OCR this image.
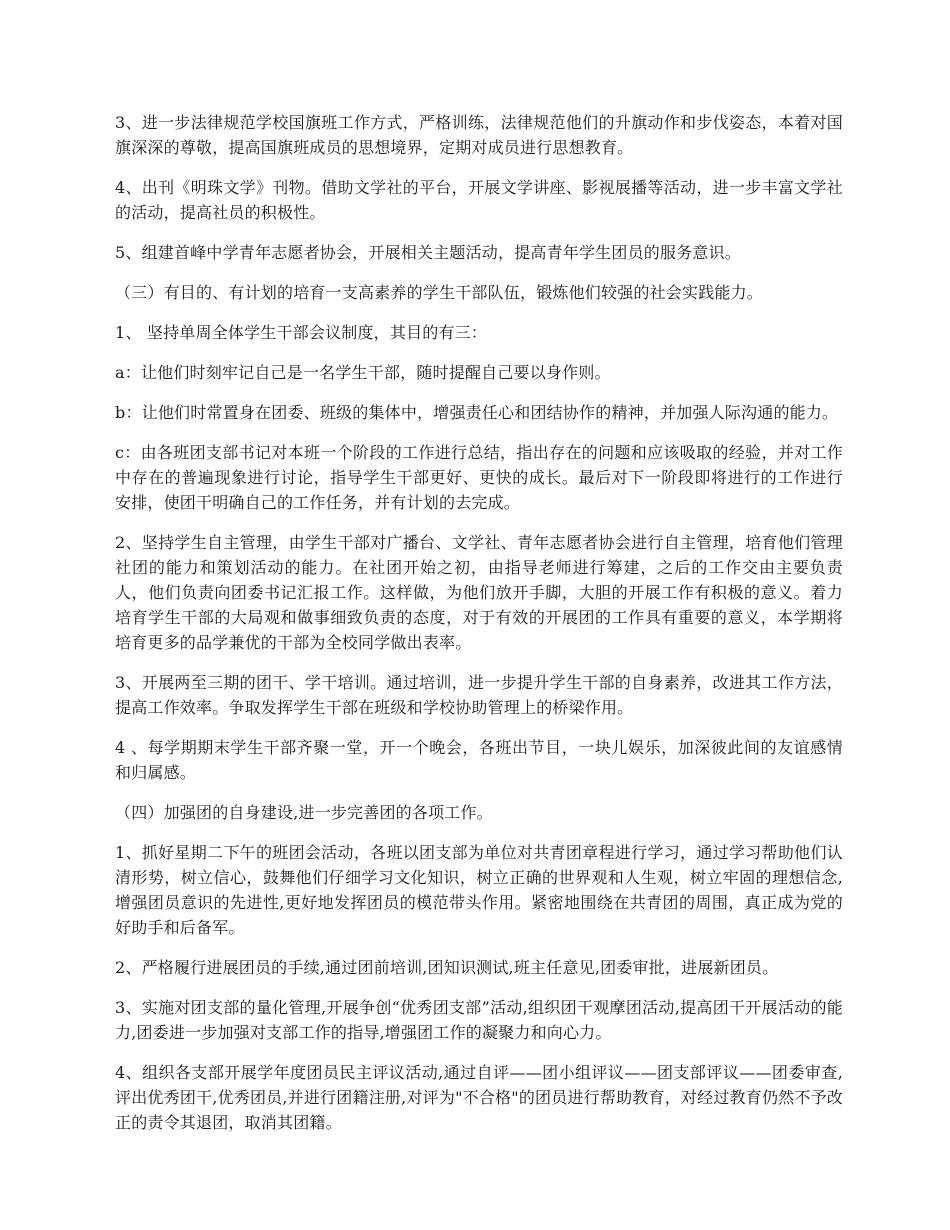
3、进一步法律规范学校国旗班工作方式，严格训练，法律规范他们的升旗动作和步伐姿态，本着对国旗深深的尊敬，提高国旗班成员的思想境界，定期对成员进行思想教育。

4、出刊《明珠文学》刊物。借助文学社的平台，开展文学讲座、影视展播等活动，进一步丰富文学社的活动，提高社员的积极性。

5、组建首峰中学青年志愿者协会，开展相关主题活动，提高青年学生团员的服务意识。

（三）有目的、有计划的培育一支高素养的学生干部队伍，锻炼他们较强的社会实践能力。

1、 坚持单周全体学生干部会议制度，其目的有三：

a：让他们时刻牢记自己是一名学生干部，随时提醒自己要以身作则。

b：让他们时常置身在团委、班级的集体中，增强责任心和团结协作的精神，并加强人际沟通的能力。

c：由各班团支部书记对本班一个阶段的工作进行总结，指出存在的问题和应该吸取的经验，并对工作中存在的普遍现象进行讨论，指导学生干部更好、更快的成长。最后对下一阶段即将进行的工作进行安排，使团干明确自己的工作任务，并有计划的去完成。

2、坚持学生自主管理，由学生干部对广播台、文学社、青年志愿者协会进行自主管理，培育他们管理社团的能力和策划活动的能力。在社团开始之初，由指导老师进行筹建，之后的工作交由主要负责人，他们负责向团委书记汇报工作。这样做，为他们放开手脚，大胆的开展工作有积极的意义。着力培育学生干部的大局观和做事细致负责的态度，对于有效的开展团的工作具有重要的意义，本学期将培育更多的品学兼优的干部为全校同学做出表率。

3、开展两至三期的团干、学干培训。通过培训，进一步提升学生干部的自身素养，改进其工作方法，提高工作效率。争取发挥学生干部在班级和学校协助管理上的桥梁作用。

4 、每学期期末学生干部齐聚一堂，开一个晚会，各班出节目，一块儿娱乐，加深彼此间的友谊感情和归属感。

（四）加强团的自身建设,进一步完善团的各项工作。

1、抓好星期二下午的班团会活动，各班以团支部为单位对共青团章程进行学习，通过学习帮助他们认清形势，树立信心，鼓舞他们仔细学习文化知识，树立正确的世界观和人生观，树立牢固的理想信念,增强团员意识的先进性,更好地发挥团员的模范带头作用。紧密地围绕在共青团的周围，真正成为党的好助手和后备军。

2、严格履行进展团员的手续,通过团前培训,团知识测试,班主任意见,团委审批，进展新团员。

3、实施对团支部的量化管理,开展争创“优秀团支部”活动,组织团干观摩团活动,提高团干开展活动的能力,团委进一步加强对支部工作的指导,增强团工作的凝聚力和向心力。

4、组织各支部开展学年度团员民主评议活动,通过自评——团小组评议——团支部评议——团委审查,评出优秀团干,优秀团员,并进行团籍注册,对评为"不合格"的团员进行帮助教育，对经过教育仍然不予改正的责令其退团，取消其团籍。
